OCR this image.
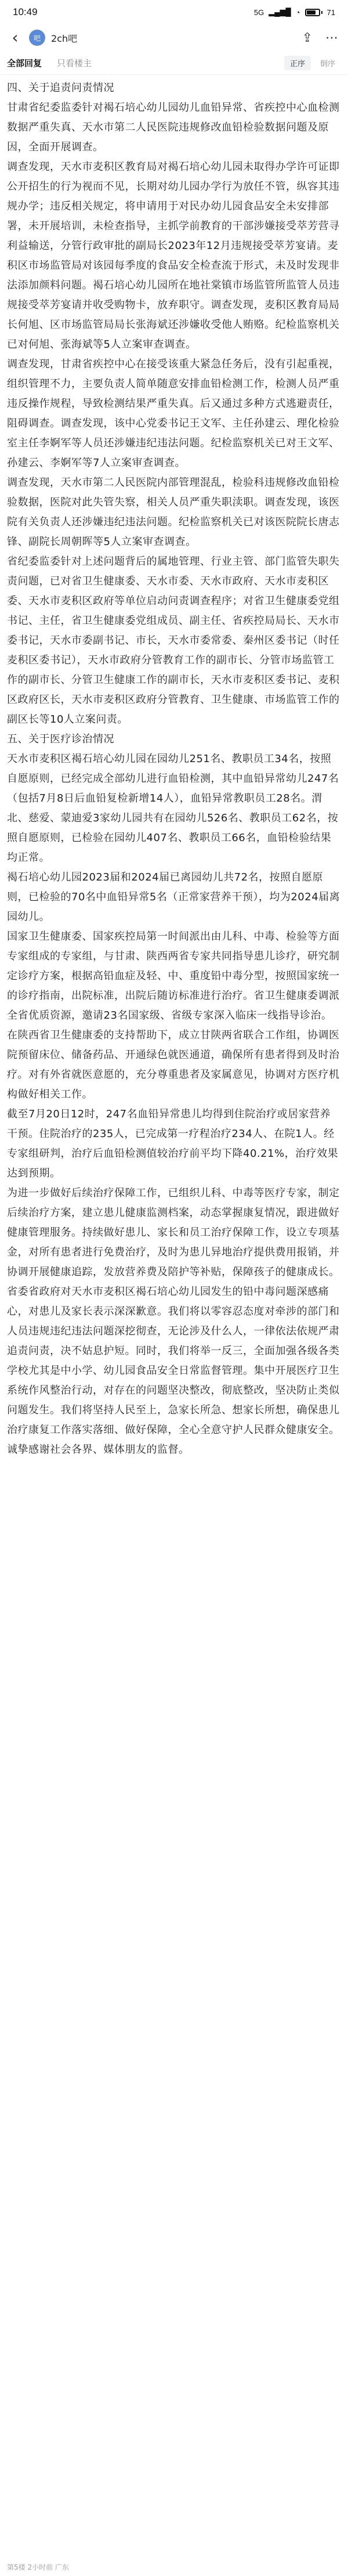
10:49	5G ▂▄▆█ ◔	71
‹	吧	2ch吧	⇪ ⋯
全部回复 只看楼主	正序	倒序

四、关于追责问责情况

甘肃省纪委监委针对褐石培心幼儿园幼儿血铅异常、省疾控中心血检测数据严重失真、天水市第二人民医院违规修改血铅检验数据问题及原因，全面开展调查。

调查发现，天水市麦积区教育局对褐石培心幼儿园未取得办学许可证即公开招生的行为视而不见，长期对幼儿园办学行为放任不管，纵容其违规办学；违反相关规定，将申请用于对民办幼儿园食品安全未安排部署，未开展培训，未检查指导，主抓学前教育的干部涉嫌接受萃芳营寻利益输送，分管行政审批的副局长2023年12月违规接受萃芳宴请。麦积区市场监管局对该园每季度的食品安全检查流于形式，未及时发现非法添加颜料问题。褐石培心幼儿园所在地社棠镇市场监管所监管人员违规接受萃芳宴请并收受购物卡，放弃职守。调查发现，麦积区教育局局长何旭、区市场监管局局长张海斌还涉嫌收受他人贿赂。纪检监察机关已对何旭、张海斌等5人立案审查调查。

调查发现，甘肃省疾控中心在接受该重大紧急任务后，没有引起重视，组织管理不力，主要负责人简单随意安排血铅检测工作，检测人员严重违反操作规程，导致检测结果严重失真。后又通过多种方式逃避责任，阻碍调查。调查发现，该中心党委书记王文军、主任孙建云、理化检验室主任李婀军等人员还涉嫌违纪违法问题。纪检监察机关已对王文军、孙建云、李婀军等7人立案审查调查。

调查发现，天水市第二人民医院内部管理混乱，检验科违规修改血铅检验数据，医院对此失管失察，相关人员严重失职渎职。调查发现，该医院有关负责人还涉嫌违纪违法问题。纪检监察机关已对该医院院长唐志锋、副院长周朝晖等5人立案审查调查。

省纪委监委针对上述问题背后的属地管理、行业主管、部门监管失职失责问题，已对省卫生健康委、天水市委、天水市政府、天水市麦积区委、天水市麦积区政府等单位启动问责调查程序；对省卫生健康委党组书记、主任，省卫生健康委党组成员、副主任、省疾控局局长、天水市委书记，天水市委副书记、市长，天水市委常委、秦州区委书记（时任麦积区委书记），天水市政府分管教育工作的副市长、分管市场监管工作的副市长、分管卫生健康工作的副市长，天水市麦积区委书记、麦积区政府区长，天水市麦积区政府分管教育、卫生健康、市场监管工作的副区长等10人立案问责。

五、关于医疗诊治情况

天水市麦积区褐石培心幼儿园在园幼儿251名、教职员工34名，按照自愿原则，已经完成全部幼儿进行血铅检测，其中血铅异常幼儿247名（包括7月8日后血铅复检新增14人），血铅异常教职员工28名。渭北、慈爱、蒙迪爱3家幼儿园共有在园幼儿526名、教职员工62名，按照自愿原则，已检验在园幼儿407名、教职员工66名，血铅检验结果均正常。

褐石培心幼儿园2023届和2024届已离园幼儿共72名，按照自愿原则，已检验的70名中血铅异常5名（正常家营养干预），均为2024届离园幼儿。

国家卫生健康委、国家疾控局第一时间派出由儿科、中毒、检验等方面专家组成的专家组，与甘肃、陕西两省专家共同指导患儿诊疗，研究制定诊疗方案，根据高铅血症及轻、中、重度铅中毒分型，按照国家统一的诊疗指南，出院标准，出院后随访标准进行治疗。省卫生健康委调派全省优质资源，邀请23名国家级、省级专家深入临床一线指导诊治。在陕西省卫生健康委的支持帮助下，成立甘陕两省联合工作组，协调医院预留床位、储备药品、开通绿色就医通道，确保所有患者得到及时治疗。对有外省就医意愿的，充分尊重患者及家属意见，协调对方医疗机构做好相关工作。

截至7月20日12时，247名血铅异常患儿均得到住院治疗或居家营养干预。住院治疗的235人，已完成第一疗程治疗234人、在院1人。经专家组研判，治疗后血铅检测值较治疗前平均下降40.21%，治疗效果达到预期。

为进一步做好后续治疗保障工作，已组织儿科、中毒等医疗专家，制定后续治疗方案，建立患儿健康监测档案，动态掌握康复情况，跟进做好健康管理服务。持续做好患儿、家长和员工治疗保障工作，设立专项基金，对所有患者进行免费治疗，及时为患儿异地治疗提供费用报销，并协调开展健康追踪，发放营养费及陪护等补贴，保障孩子的健康成长。省委省政府对天水市麦积区褐石培心幼儿园发生的铅中毒问题深感痛心，对患儿及家长表示深深歉意。我们将以零容忍态度对牵涉的部门和人员违规违纪违法问题深挖彻查，无论涉及什么人，一律依法依规严肃追责问责，决不姑息护短。同时，我们将举一反三，全面加强各级各类学校尤其是中小学、幼儿园食品安全日常监督管理。集中开展医疗卫生系统作风整治行动，对存在的问题坚决整改，彻底整改，坚决防止类似问题发生。我们将坚持人民至上，急家长所急、想家长所想，确保患儿治疗康复工作落实落细、做好保障，全心全意守护人民群众健康安全。诚挚感谢社会各界、媒体朋友的监督。

第5楼 2小时前 广东
